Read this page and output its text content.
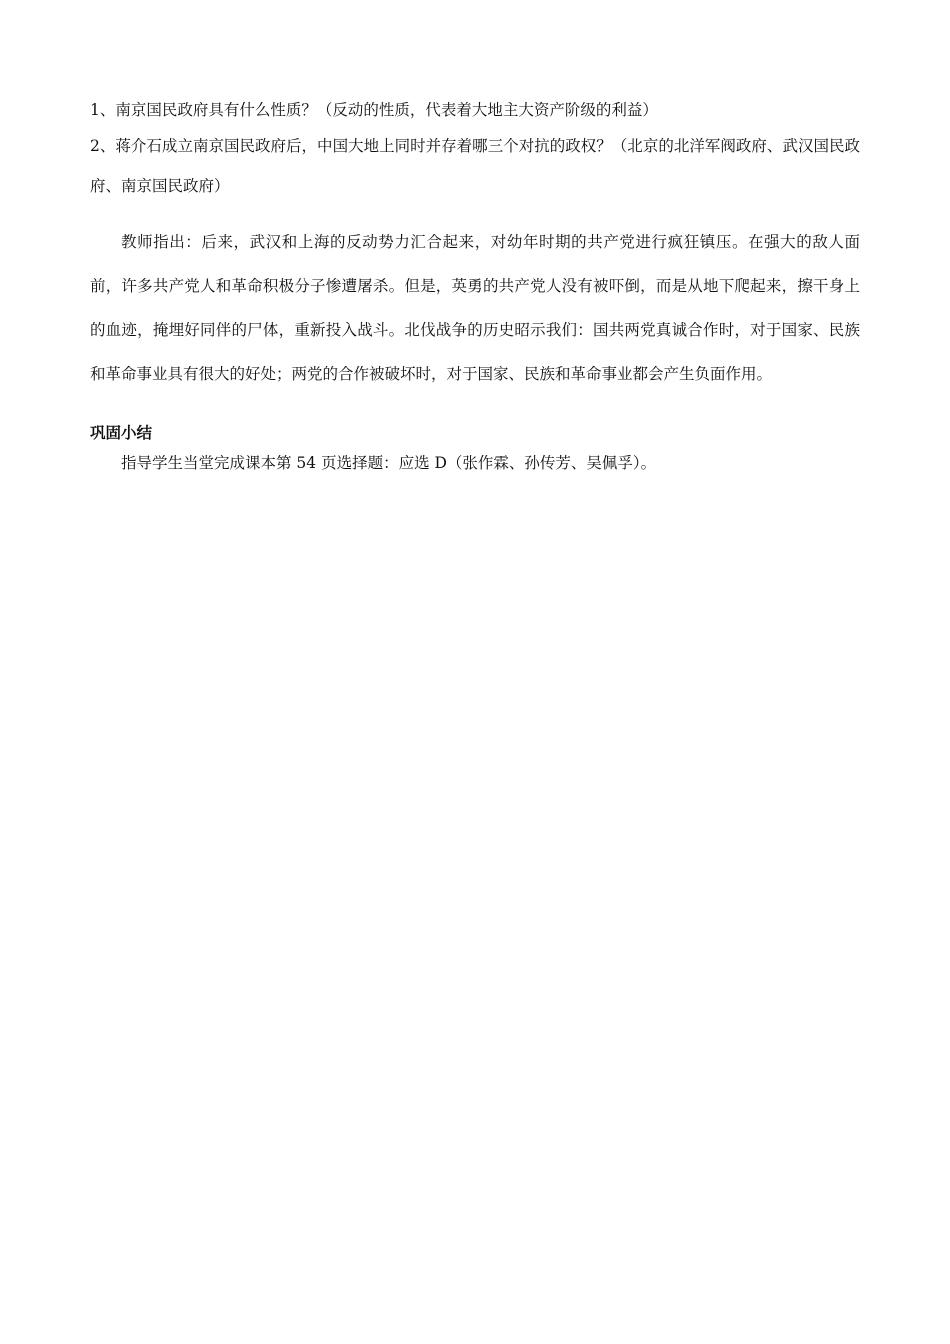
1、南京国民政府具有什么性质？（反动的性质，代表着大地主大资产阶级的利益）

2、蒋介石成立南京国民政府后，中国大地上同时并存着哪三个对抗的政权？（北京的北洋军阀政府、武汉国民政府、南京国民政府）

教师指出：后来，武汉和上海的反动势力汇合起来，对幼年时期的共产党进行疯狂镇压。在强大的敌人面前，许多共产党人和革命积极分子惨遭屠杀。但是，英勇的共产党人没有被吓倒，而是从地下爬起来，擦干身上的血迹，掩埋好同伴的尸体，重新投入战斗。北伐战争的历史昭示我们：国共两党真诚合作时，对于国家、民族和革命事业具有很大的好处；两党的合作被破坏时，对于国家、民族和革命事业都会产生负面作用。

巩固小结

指导学生当堂完成课本第 54 页选择题：应选 D（张作霖、孙传芳、吴佩孚）。
